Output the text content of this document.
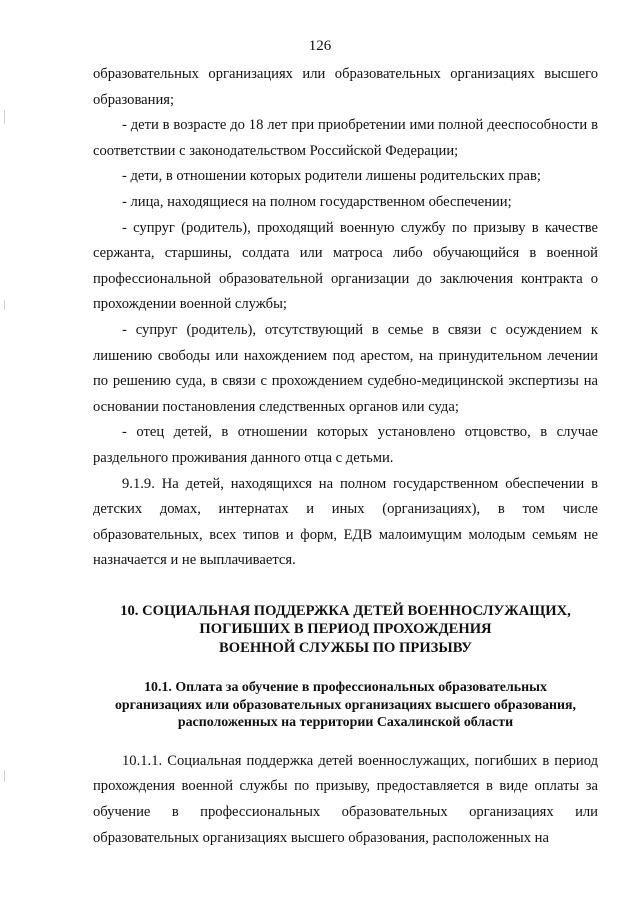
126

образовательных организациях или образовательных организациях высшего образования;

- дети в возрасте до 18 лет при приобретении ими полной дееспособности в соответствии с законодательством Российской Федерации;

- дети, в отношении которых родители лишены родительских прав;

- лица, находящиеся на полном государственном обеспечении;

- супруг (родитель), проходящий военную службу по призыву в качестве сержанта, старшины, солдата или матроса либо обучающийся в военной профессиональной образовательной организации до заключения контракта о прохождении военной службы;

- супруг (родитель), отсутствующий в семье в связи с осуждением к лишению свободы или нахождением под арестом, на принудительном лечении по решению суда, в связи с прохождением судебно-медицинской экспертизы на основании постановления следственных органов или суда;

- отец детей, в отношении которых установлено отцовство, в случае раздельного проживания данного отца с детьми.

9.1.9. На детей, находящихся на полном государственном обеспечении в детских домах, интернатах и иных (организациях), в том числе образовательных, всех типов и форм, ЕДВ малоимущим молодым семьям не назначается и не выплачивается.

10. СОЦИАЛЬНАЯ ПОДДЕРЖКА ДЕТЕЙ ВОЕННОСЛУЖАЩИХ,
ПОГИБШИХ В ПЕРИОД ПРОХОЖДЕНИЯ
ВОЕННОЙ СЛУЖБЫ ПО ПРИЗЫВУ
10.1. Оплата за обучение в профессиональных образовательных
организациях или образовательных организациях высшего образования,
расположенных на территории Сахалинской области

10.1.1. Социальная поддержка детей военнослужащих, погибших в период прохождения военной службы по призыву, предоставляется в виде оплаты за обучение в профессиональных образовательных организациях или образовательных организациях высшего образования, расположенных на
